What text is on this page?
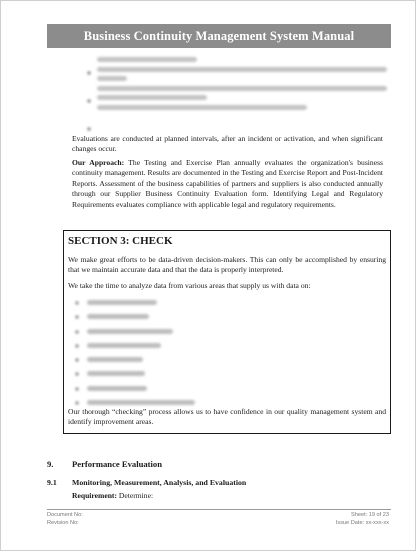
Business Continuity Management System Manual

Evaluations are conducted at planned intervals, after an incident or activation, and when significant changes occur.

Our Approach: The Testing and Exercise Plan annually evaluates the organization's business continuity management. Results are documented in the Testing and Exercise Report and Post-Incident Reports. Assessment of the business capabilities of partners and suppliers is also conducted annually through our Supplier Business Continuity Evaluation form. Identifying Legal and Regulatory Requirements evaluates compliance with applicable legal and regulatory requirements.

SECTION 3: CHECK

We make great efforts to be data-driven decision-makers. This can only be accomplished by ensuring that we maintain accurate data and that the data is properly interpreted.

We take the time to analyze data from various areas that supply us with data on:

Our thorough “checking” process allows us to have confidence in our quality management system and identify improvement areas.

9. Performance Evaluation
9.1 Monitoring, Measurement, Analysis, and Evaluation
Requirement: Determine:
Document No:
Revision No:
Sheet: 19 of 23
Issue Date: xx-xxx-xx
